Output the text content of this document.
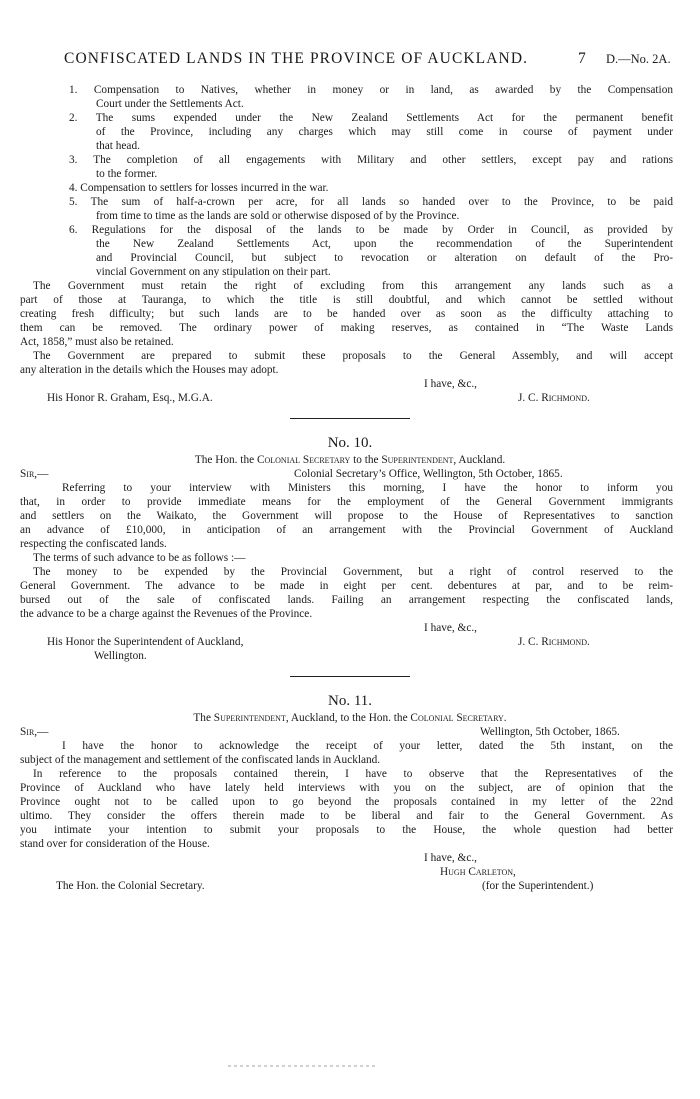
CONFISCATED LANDS IN THE PROVINCE OF AUCKLAND.	7 D.—No. 2A.
1. Compensation to Natives, whether in money or in land, as awarded by the Compensation
Court under the Settlements Act.
2. The sums expended under the New Zealand Settlements Act for the permanent benefit
of the Province, including any charges which may still come in course of payment under
that head.
3. The completion of all engagements with Military and other settlers, except pay and rations
to the former.
4. Compensation to settlers for losses incurred in the war.
5. The sum of half-a-crown per acre, for all lands so handed over to the Province, to be paid
from time to time as the lands are sold or otherwise disposed of by the Province.
6. Regulations for the disposal of the lands to be made by Order in Council, as provided by
the New Zealand Settlements Act, upon the recommendation of the Superintendent
and Provincial Council, but subject to revocation or alteration on default of the Pro-
vincial Government on any stipulation on their part.
The Government must retain the right of excluding from this arrangement any lands such as a
part of those at Tauranga, to which the title is still doubtful, and which cannot be settled without
creating fresh difficulty; but such lands are to be handed over as soon as the difficulty attaching to
them can be removed. The ordinary power of making reserves, as contained in “The Waste Lands
Act, 1858,” must also be retained.
The Government are prepared to submit these proposals to the General Assembly, and will accept
any alteration in the details which the Houses may adopt.
I have, &c.,
His Honor R. Graham, Esq., M.G.A.	J. C. Richmond.
No. 10.
The Hon. the Colonial Secretary to the Superintendent, Auckland.
Sir,—	Colonial Secretary’s Office, Wellington, 5th October, 1865.
Referring to your interview with Ministers this morning, I have the honor to inform you
that, in order to provide immediate means for the employment of the General Government immigrants
and settlers on the Waikato, the Government will propose to the House of Representatives to sanction
an advance of £10,000, in anticipation of an arrangement with the Provincial Government of Auckland
respecting the confiscated lands.
The terms of such advance to be as follows :—
The money to be expended by the Provincial Government, but a right of control reserved to the
General Government. The advance to be made in eight per cent. debentures at par, and to be reim-
bursed out of the sale of confiscated lands. Failing an arrangement respecting the confiscated lands,
the advance to be a charge against the Revenues of the Province.
I have, &c.,
His Honor the Superintendent of Auckland,	J. C. Richmond.
Wellington.
No. 11.
The Superintendent, Auckland, to the Hon. the Colonial Secretary.
Sir,—	Wellington, 5th October, 1865.
I have the honor to acknowledge the receipt of your letter, dated the 5th instant, on the
subject of the management and settlement of the confiscated lands in Auckland.
In reference to the proposals contained therein, I have to observe that the Representatives of the
Province of Auckland who have lately held interviews with you on the subject, are of opinion that the
Province ought not to be called upon to go beyond the proposals contained in my letter of the 22nd
ultimo. They consider the offers therein made to be liberal and fair to the General Government. As
you intimate your intention to submit your proposals to the House, the whole question had better
stand over for consideration of the House.
I have, &c.,
Hugh Carleton,
The Hon. the Colonial Secretary.	(for the Superintendent.)
